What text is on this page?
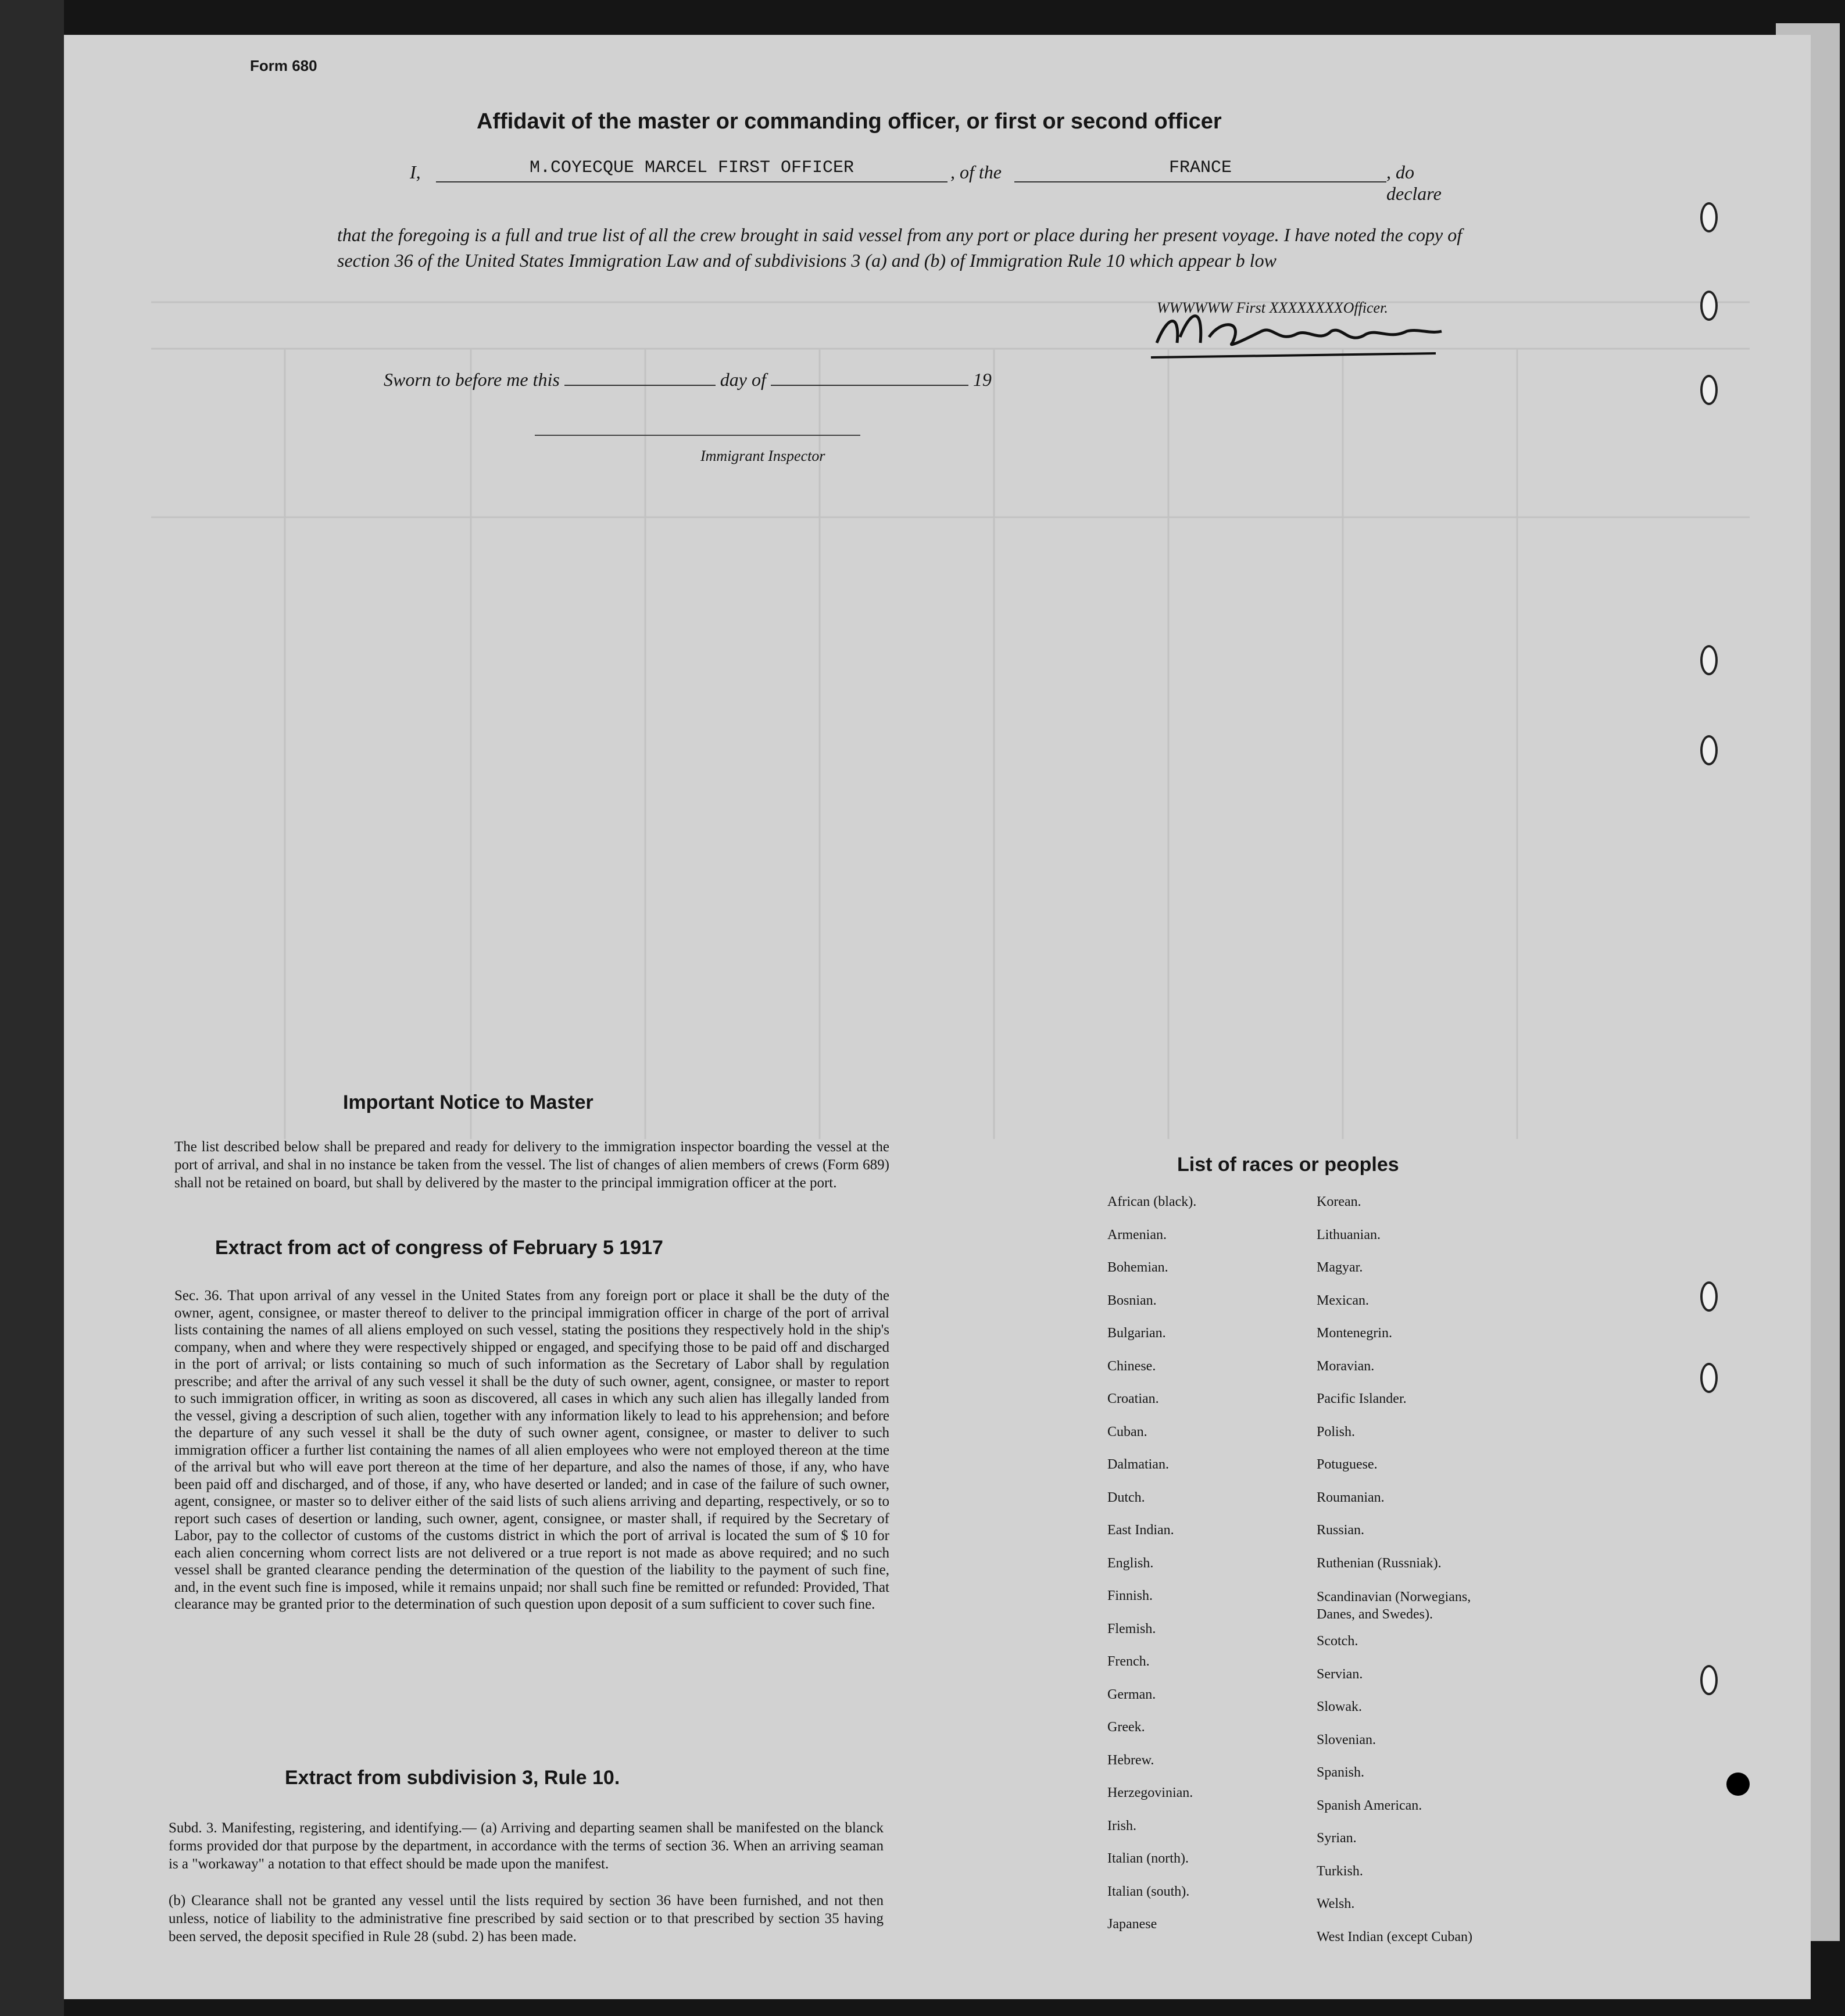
Form 680
Affidavit of the master or commanding officer, or first or second officer
I,	M.COYECQUE MARCEL FIRST OFFICER	, of the	FRANCE	, do declare
that the foregoing is a full and true list of all the crew brought in said vessel from any port or place during her present voyage. I have noted the copy of section 36 of the United States Immigration Law and of subdivisions 3 (a) and (b) of Immigration Rule 10 which appear b low
WWWWWW First XXXXXXXXOfficer.
Sworn to before me this	day of	19
Immigrant Inspector
Important Notice to Master
The list described below shall be prepared and ready for delivery to the immigration inspector boarding the vessel at the port of arrival, and shal in no instance be taken from the vessel. The list of changes of alien members of crews (Form 689) shall not be retained on board, but shall by delivered by the master to the principal immigration officer at the port.
Extract from act of congress of February 5 1917
Sec. 36. That upon arrival of any vessel in the United States from any foreign port or place it shall be the duty of the owner, agent, consignee, or master thereof to deliver to the principal immigration officer in charge of the port of arrival lists containing the names of all aliens employed on such vessel, stating the positions they respectively hold in the ship's company, when and where they were respectively shipped or engaged, and specifying those to be paid off and discharged in the port of arrival; or lists containing so much of such information as the Secretary of Labor shall by regulation prescribe; and after the arrival of any such vessel it shall be the duty of such owner, agent, consignee, or master to report to such immigration officer, in writing as soon as discovered, all cases in which any such alien has illegally landed from the vessel, giving a description of such alien, together with any information likely to lead to his apprehension; and before the departure of any such vessel it shall be the duty of such owner agent, consignee, or master to deliver to such immigration officer a further list containing the names of all alien employees who were not employed thereon at the time of the arrival but who will eave port thereon at the time of her departure, and also the names of those, if any, who have been paid off and discharged, and of those, if any, who have deserted or landed; and in case of the failure of such owner, agent, consignee, or master so to deliver either of the said lists of such aliens arriving and departing, respectively, or so to report such cases of desertion or landing, such owner, agent, consignee, or master shall, if required by the Secretary of Labor, pay to the collector of customs of the customs district in which the port of arrival is located the sum of $ 10 for each alien concerning whom correct lists are not delivered or a true report is not made as above required; and no such vessel shall be granted clearance pending the determination of the question of the liability to the payment of such fine, and, in the event such fine is imposed, while it remains unpaid; nor shall such fine be remitted or refunded: Provided, That clearance may be granted prior to the determination of such question upon deposit of a sum sufficient to cover such fine.
Extract from subdivision 3, Rule 10.
Subd. 3. Manifesting, registering, and identifying.— (a) Arriving and departing seamen shall be manifested on the blanck forms provided dor that purpose by the department, in accordance with the terms of section 36. When an arriving seaman is a "workaway" a notation to that effect should be made upon the manifest.
(b) Clearance shall not be granted any vessel until the lists required by section 36 have been furnished, and not then unless, notice of liability to the administrative fine prescribed by said section or to that prescribed by section 35 having been served, the deposit specified in Rule 28 (subd. 2) has been made.
List of races or peoples
African (black).
Armenian.
Bohemian.
Bosnian.
Bulgarian.
Chinese.
Croatian.
Cuban.
Dalmatian.
Dutch.
East Indian.
English.
Finnish.
Flemish.
French.
German.
Greek.
Hebrew.
Herzegovinian.
Irish.
Italian (north).
Italian (south).
Japanese
Korean.
Lithuanian.
Magyar.
Mexican.
Montenegrin.
Moravian.
Pacific Islander.
Polish.
Potuguese.
Roumanian.
Russian.
Ruthenian (Russniak).
Scandinavian (Norwegians, Danes, and Swedes).
Scotch.
Servian.
Slowak.
Slovenian.
Spanish.
Spanish American.
Syrian.
Turkish.
Welsh.
West Indian (except Cuban)
